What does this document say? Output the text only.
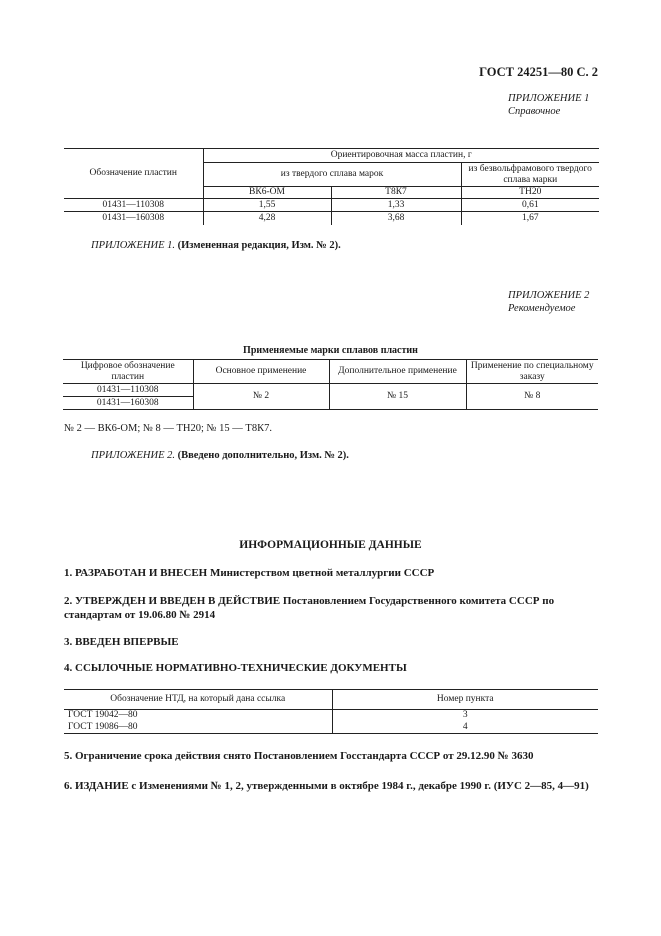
ГОСТ 24251—80 С. 2
ПРИЛОЖЕНИЕ 1
Справочное
Обозначение пластин	Ориентировочная масса пластин, г		
	из твердого сплава марок		из безвольфрамового твердого сплава марки
	ВК6-ОМ	Т8К7	ТН20
01431—110308	1,55	1,33	0,61
01431—160308	4,28	3,68	1,67
ПРИЛОЖЕНИЕ 1. (Измененная редакция, Изм. № 2).
ПРИЛОЖЕНИЕ 2
Рекомендуемое
Применяемые марки сплавов пластин
Цифровое обозначение пластин	Основное применение	Дополнительное применение	Применение по специальному заказу
01431—110308	№ 2	№ 15	№ 8
01431—160308			
№ 2 — ВК6-ОМ; № 8 — ТН20; № 15 — Т8К7.
ПРИЛОЖЕНИЕ 2. (Введено дополнительно, Изм. № 2).
ИНФОРМАЦИОННЫЕ ДАННЫЕ
1. РАЗРАБОТАН И ВНЕСЕН Министерством цветной металлургии СССР
2. УТВЕРЖДЕН И ВВЕДЕН В ДЕЙСТВИЕ Постановлением Государственного комитета СССР по стандартам от 19.06.80 № 2914
3. ВВЕДЕН ВПЕРВЫЕ
4. ССЫЛОЧНЫЕ НОРМАТИВНО-ТЕХНИЧЕСКИЕ ДОКУМЕНТЫ
Обозначение НТД, на который дана ссылка	Номер пункта
ГОСТ 19042—80	3
ГОСТ 19086—80	4
5. Ограничение срока действия снято Постановлением Госстандарта СССР от 29.12.90 № 3630
6. ИЗДАНИЕ с Изменениями № 1, 2, утвержденными в октябре 1984 г., декабре 1990 г. (ИУС 2—85, 4—91)
